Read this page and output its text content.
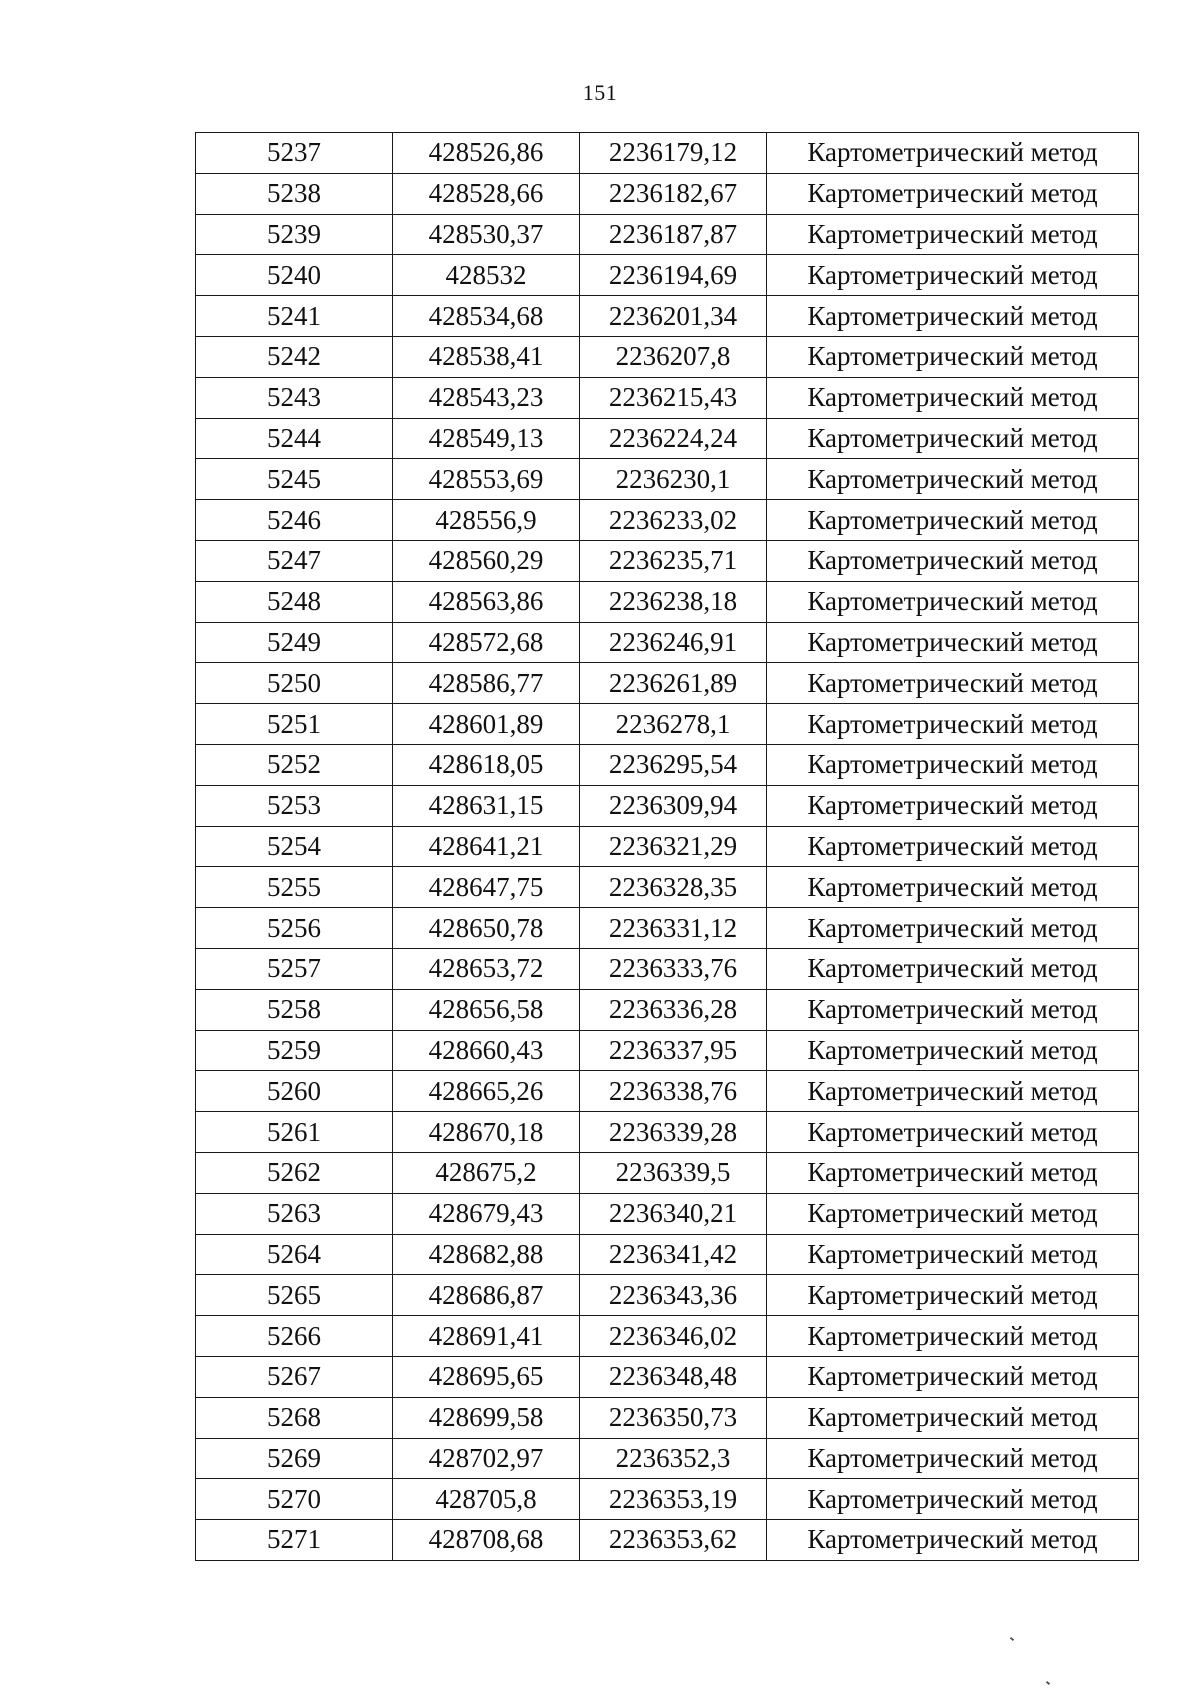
151
5237	428526,86	2236179,12	Картометрический метод
5238	428528,66	2236182,67	Картометрический метод
5239	428530,37	2236187,87	Картометрический метод
5240	428532	2236194,69	Картометрический метод
5241	428534,68	2236201,34	Картометрический метод
5242	428538,41	2236207,8	Картометрический метод
5243	428543,23	2236215,43	Картометрический метод
5244	428549,13	2236224,24	Картометрический метод
5245	428553,69	2236230,1	Картометрический метод
5246	428556,9	2236233,02	Картометрический метод
5247	428560,29	2236235,71	Картометрический метод
5248	428563,86	2236238,18	Картометрический метод
5249	428572,68	2236246,91	Картометрический метод
5250	428586,77	2236261,89	Картометрический метод
5251	428601,89	2236278,1	Картометрический метод
5252	428618,05	2236295,54	Картометрический метод
5253	428631,15	2236309,94	Картометрический метод
5254	428641,21	2236321,29	Картометрический метод
5255	428647,75	2236328,35	Картометрический метод
5256	428650,78	2236331,12	Картометрический метод
5257	428653,72	2236333,76	Картометрический метод
5258	428656,58	2236336,28	Картометрический метод
5259	428660,43	2236337,95	Картометрический метод
5260	428665,26	2236338,76	Картометрический метод
5261	428670,18	2236339,28	Картометрический метод
5262	428675,2	2236339,5	Картометрический метод
5263	428679,43	2236340,21	Картометрический метод
5264	428682,88	2236341,42	Картометрический метод
5265	428686,87	2236343,36	Картометрический метод
5266	428691,41	2236346,02	Картометрический метод
5267	428695,65	2236348,48	Картометрический метод
5268	428699,58	2236350,73	Картометрический метод
5269	428702,97	2236352,3	Картометрический метод
5270	428705,8	2236353,19	Картометрический метод
5271	428708,68	2236353,62	Картометрический метод
